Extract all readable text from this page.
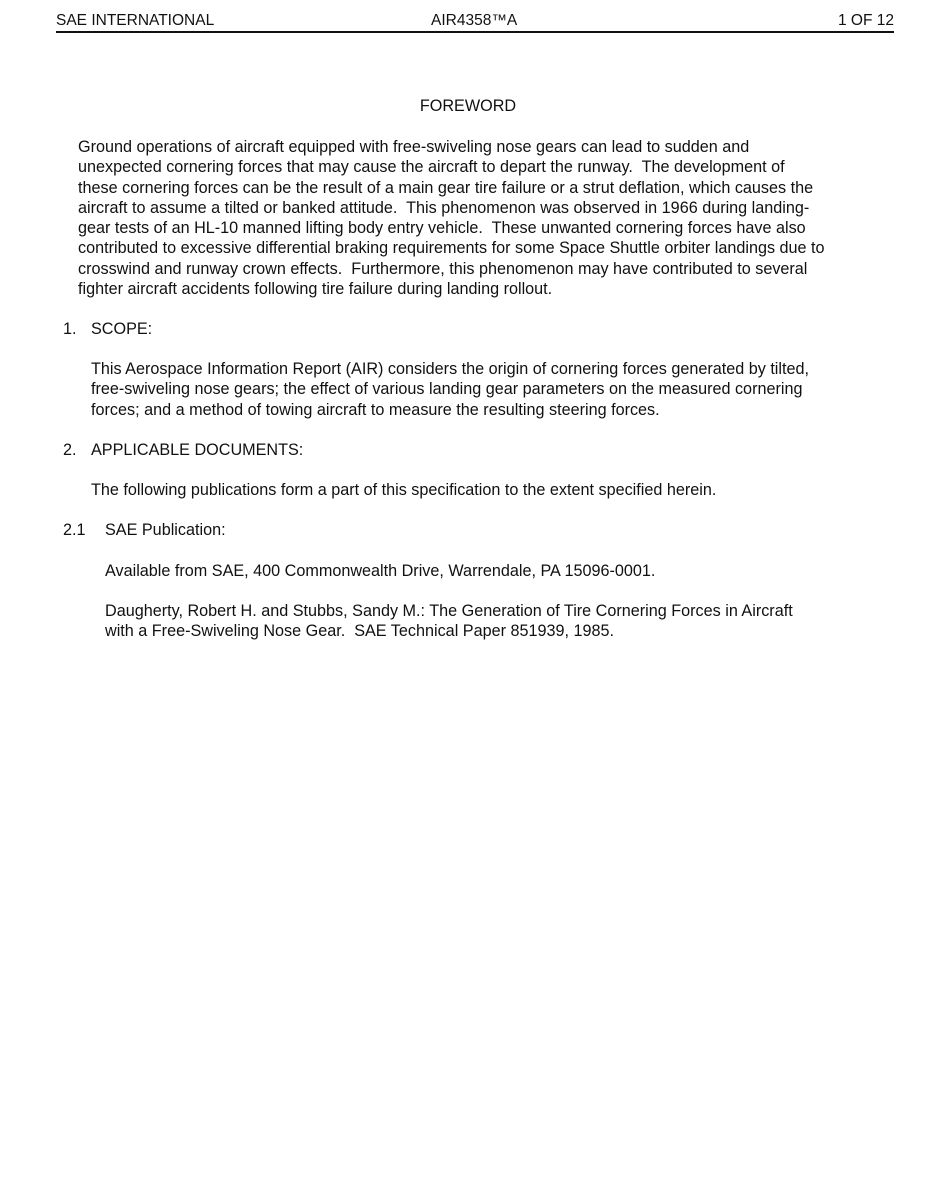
SAE INTERNATIONAL	AIR4358™A	1 OF 12
FOREWORD
Ground operations of aircraft equipped with free-swiveling nose gears can lead to sudden and
unexpected cornering forces that may cause the aircraft to depart the runway.  The development of
these cornering forces can be the result of a main gear tire failure or a strut deflation, which causes the
aircraft to assume a tilted or banked attitude.  This phenomenon was observed in 1966 during landing-
gear tests of an HL-10 manned lifting body entry vehicle.  These unwanted cornering forces have also
contributed to excessive differential braking requirements for some Space Shuttle orbiter landings due to
crosswind and runway crown effects.  Furthermore, this phenomenon may have contributed to several
fighter aircraft accidents following tire failure during landing rollout.
1. SCOPE:
This Aerospace Information Report (AIR) considers the origin of cornering forces generated by tilted,
free-swiveling nose gears; the effect of various landing gear parameters on the measured cornering
forces; and a method of towing aircraft to measure the resulting steering forces.
2. APPLICABLE DOCUMENTS:
The following publications form a part of this specification to the extent specified herein.
2.1 SAE Publication:
Available from SAE, 400 Commonwealth Drive, Warrendale, PA 15096-0001.
Daugherty, Robert H. and Stubbs, Sandy M.: The Generation of Tire Cornering Forces in Aircraft
with a Free-Swiveling Nose Gear.  SAE Technical Paper 851939, 1985.
